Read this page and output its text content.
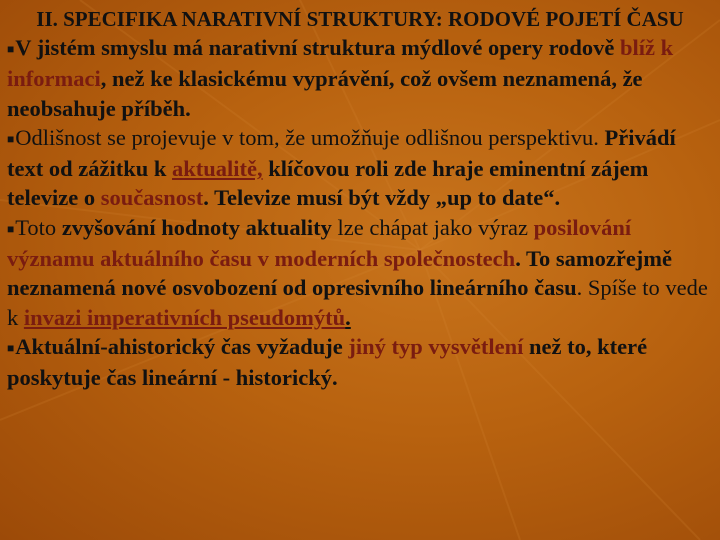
II. SPECIFIKA NARATIVNÍ STRUKTURY: RODOVÉ POJETÍ ČASU

■V jistém smyslu má narativní struktura mýdlové opery rodově blíž k informaci, než ke klasickému vyprávění, což ovšem neznamená, že neobsahuje příběh.

■Odlišnost se projevuje v tom, že umožňuje odlišnou perspektivu. Přivádí text od zážitku k aktualitě, klíčovou roli zde hraje eminentní zájem televize o současnost. Televize musí být vždy „up to date“.

■Toto zvyšování hodnoty aktuality lze chápat jako výraz posilování významu aktuálního času v moderních společnostech. To samozřejmě neznamená nové osvobození od opresivního lineárního času. Spíše to vede k invazi imperativních pseudomýtů.

■Aktuální-ahistorický čas vyžaduje jiný typ vysvětlení než to, které poskytuje čas lineární - historický.
